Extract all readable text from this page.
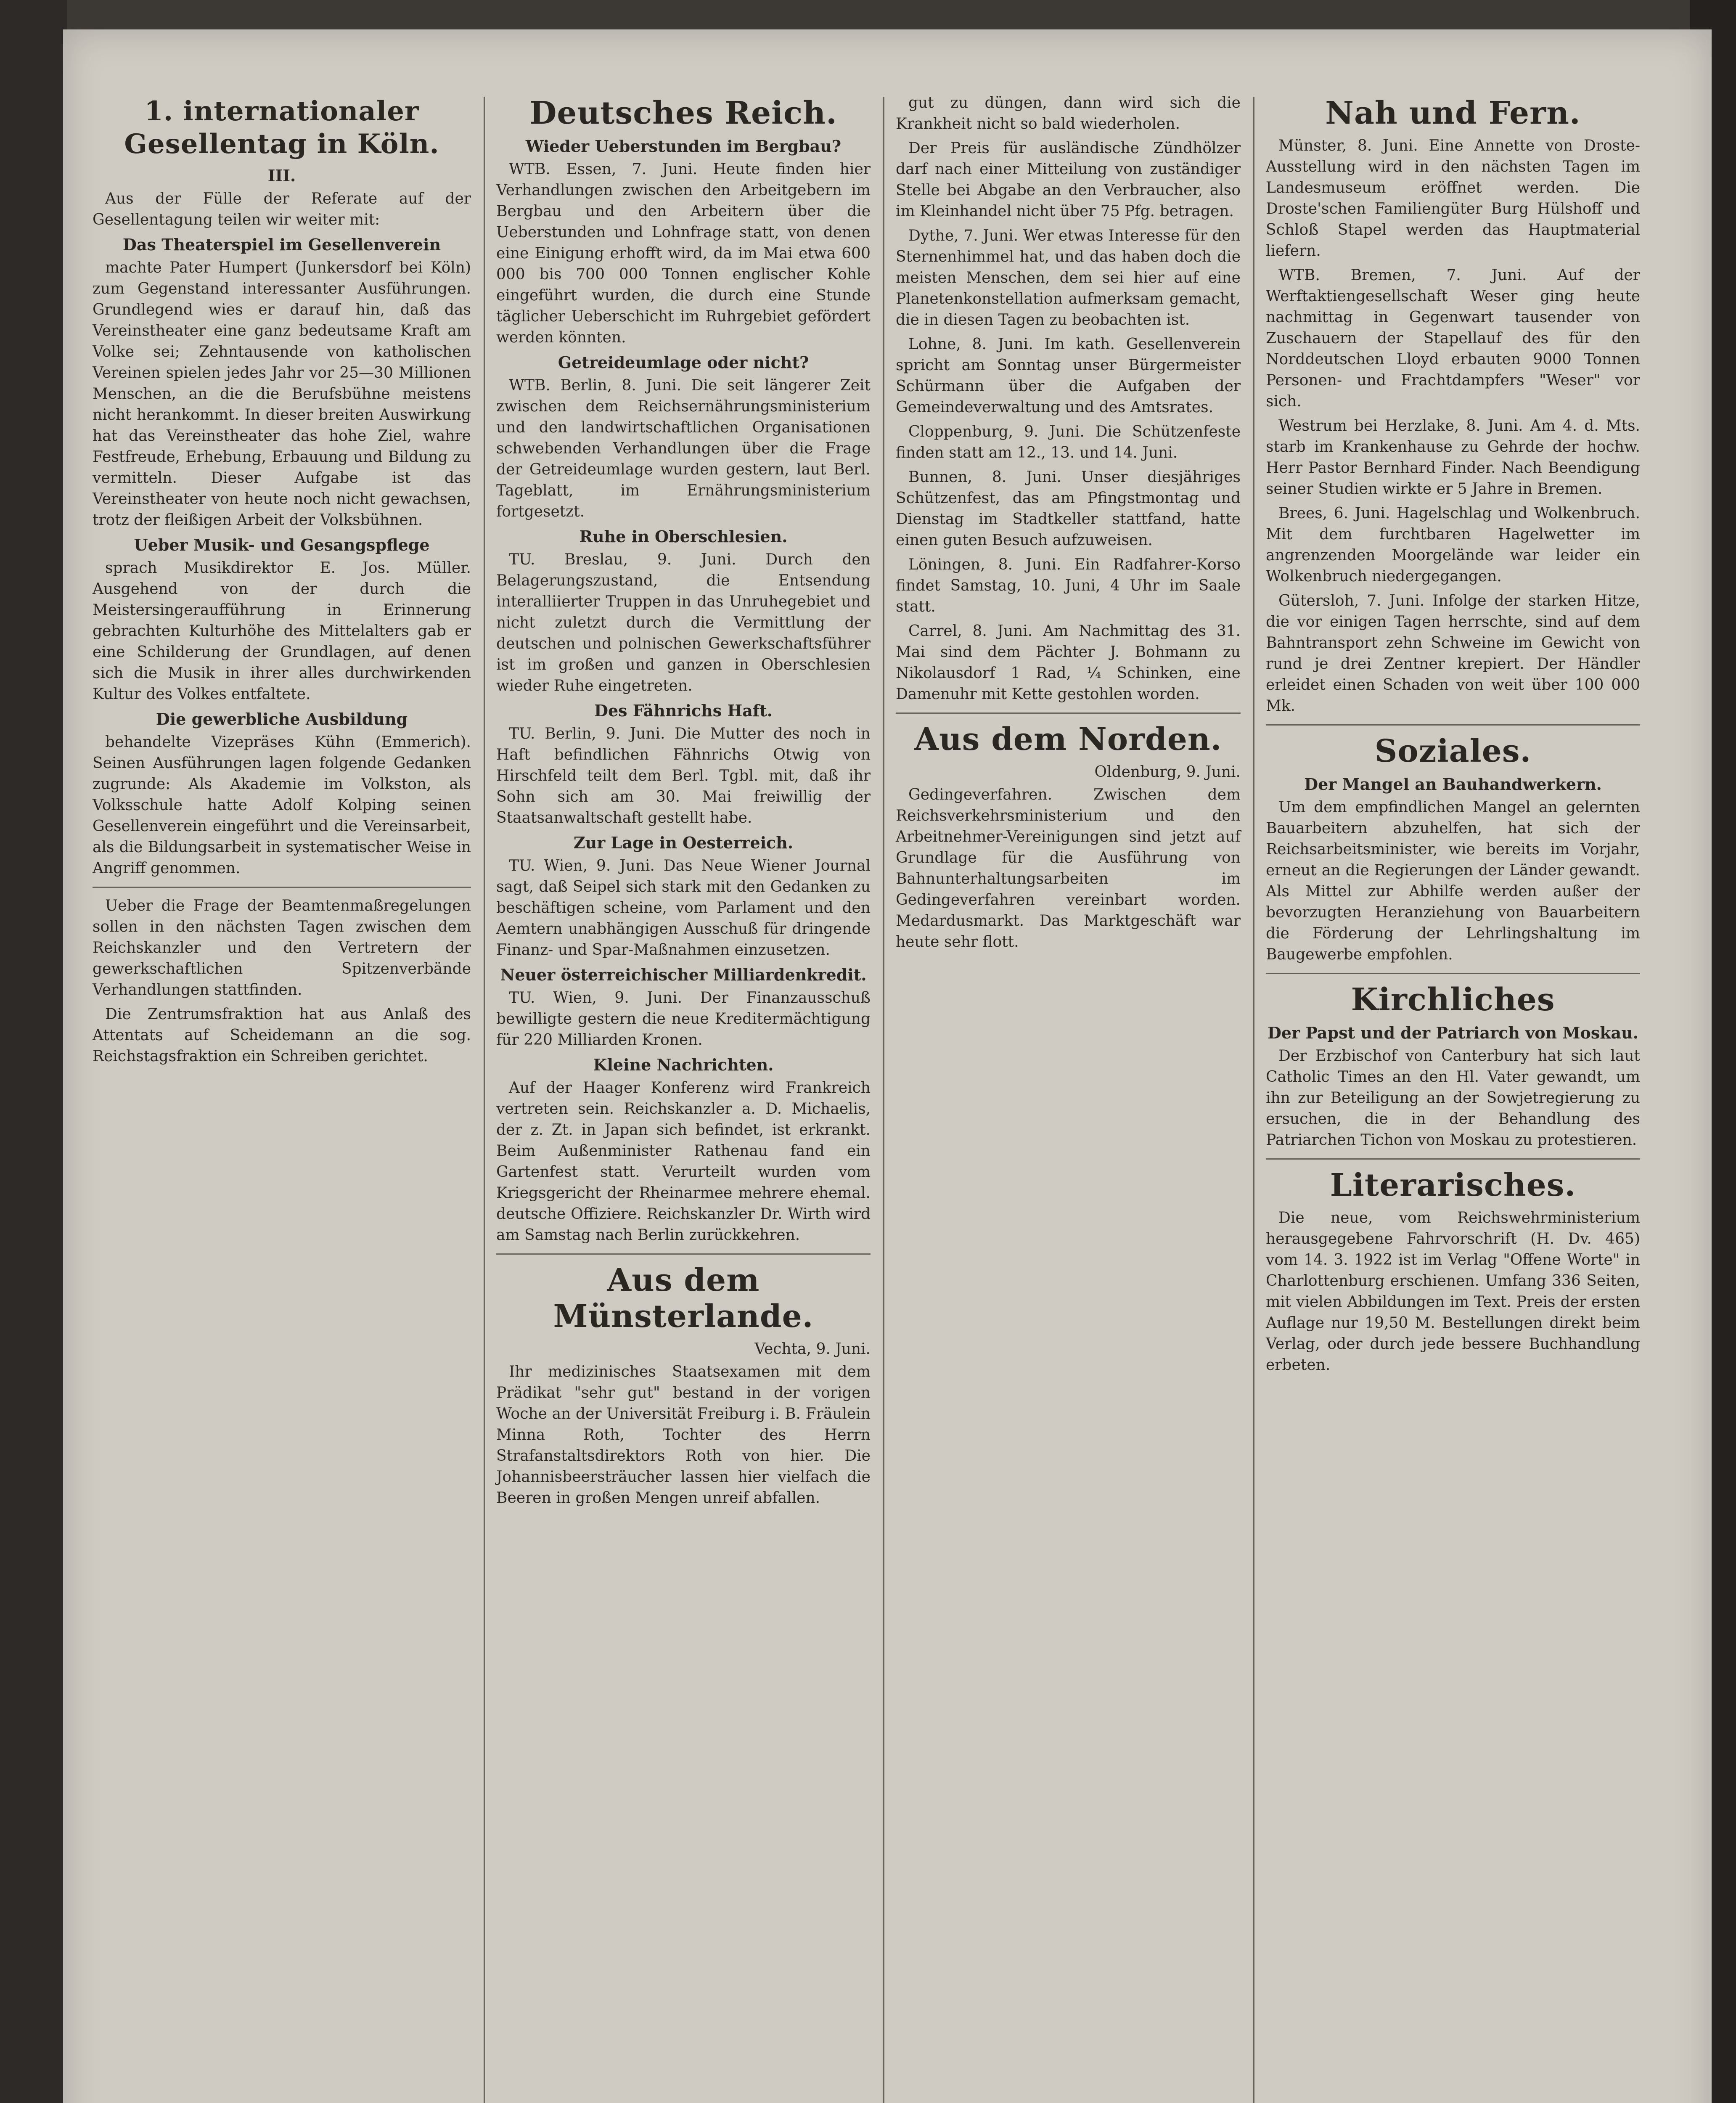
1. internationaler Gesellentag in Köln.
III.

Aus der Fülle der Referate auf der Gesellentagung teilen wir weiter mit:

Das Theaterspiel im Gesellenverein

machte Pater Humpert (Junkersdorf bei Köln) zum Gegenstand interessanter Ausführungen. Grundlegend wies er darauf hin, daß das Vereinstheater eine ganz bedeutsame Kraft am Volke sei; Zehntausende von katholischen Vereinen spielen jedes Jahr vor 25—30 Millionen Menschen, an die die Berufsbühne meistens nicht herankommt. In dieser breiten Auswirkung hat das Vereinstheater das hohe Ziel, wahre Festfreude, Erhebung, Erbauung und Bildung zu vermitteln. Dieser Aufgabe ist das Vereinstheater von heute noch nicht gewachsen, trotz der fleißigen Arbeit der Volksbühnen.

Ueber Musik- und Gesangspflege

sprach Musikdirektor E. Jos. Müller. Ausgehend von der durch die Meistersingeraufführung in Erinnerung gebrachten Kulturhöhe des Mittelalters gab er eine Schilderung der Grundlagen, auf denen sich die Musik in ihrer alles durchwirkenden Kultur des Volkes entfaltete.

Die gewerbliche Ausbildung

behandelte Vizepräses Kühn (Emmerich). Seinen Ausführungen lagen folgende Gedanken zugrunde: Als Akademie im Volkston, als Volksschule hatte Adolf Kolping seinen Gesellenverein eingeführt und die Vereinsarbeit, als die Bildungsarbeit in systematischer Weise in Angriff genommen.

Ueber die Frage der Beamtenmaßregelungen sollen in den nächsten Tagen zwischen dem Reichskanzler und den Vertretern der gewerkschaftlichen Spitzenverbände Verhandlungen stattfinden.

Die Zentrumsfraktion hat aus Anlaß des Attentats auf Scheidemann an die sog. Reichstagsfraktion ein Schreiben gerichtet.

Deutsches Reich.
Wieder Ueberstunden im Bergbau?

WTB. Essen, 7. Juni. Heute finden hier Verhandlungen zwischen den Arbeitgebern im Bergbau und den Arbeitern über die Ueberstunden und Lohnfrage statt, von denen eine Einigung erhofft wird, da im Mai etwa 600 000 bis 700 000 Tonnen englischer Kohle eingeführt wurden, die durch eine Stunde täglicher Ueberschicht im Ruhrgebiet gefördert werden könnten.

Getreideumlage oder nicht?

WTB. Berlin, 8. Juni. Die seit längerer Zeit zwischen dem Reichsernährungsministerium und den landwirtschaftlichen Organisationen schwebenden Verhandlungen über die Frage der Getreideumlage wurden gestern, laut Berl. Tageblatt, im Ernährungsministerium fortgesetzt.

Ruhe in Oberschlesien.

TU. Breslau, 9. Juni. Durch den Belagerungszustand, die Entsendung interalliierter Truppen in das Unruhegebiet und nicht zuletzt durch die Vermittlung der deutschen und polnischen Gewerkschaftsführer ist im großen und ganzen in Oberschlesien wieder Ruhe eingetreten.

Des Fähnrichs Haft.

TU. Berlin, 9. Juni. Die Mutter des noch in Haft befindlichen Fähnrichs Otwig von Hirschfeld teilt dem Berl. Tgbl. mit, daß ihr Sohn sich am 30. Mai freiwillig der Staatsanwaltschaft gestellt habe.

Zur Lage in Oesterreich.

TU. Wien, 9. Juni. Das Neue Wiener Journal sagt, daß Seipel sich stark mit den Gedanken zu beschäftigen scheine, vom Parlament und den Aemtern unabhängigen Ausschuß für dringende Finanz- und Spar-Maßnahmen einzusetzen.

Neuer österreichischer Milliardenkredit.

TU. Wien, 9. Juni. Der Finanzausschuß bewilligte gestern die neue Kreditermächtigung für 220 Milliarden Kronen.

Kleine Nachrichten.

Auf der Haager Konferenz wird Frankreich vertreten sein. Reichskanzler a. D. Michaelis, der z. Zt. in Japan sich befindet, ist erkrankt. Beim Außenminister Rathenau fand ein Gartenfest statt. Verurteilt wurden vom Kriegsgericht der Rheinarmee mehrere ehemal. deutsche Offiziere. Reichskanzler Dr. Wirth wird am Samstag nach Berlin zurückkehren.

Aus dem Münsterlande.
Vechta, 9. Juni.

Ihr medizinisches Staatsexamen mit dem Prädikat "sehr gut" bestand in der vorigen Woche an der Universität Freiburg i. B. Fräulein Minna Roth, Tochter des Herrn Strafanstaltsdirektors Roth von hier. Die Johannisbeersträucher lassen hier vielfach die Beeren in großen Mengen unreif abfallen.

gut zu düngen, dann wird sich die Krankheit nicht so bald wiederholen.

Der Preis für ausländische Zündhölzer darf nach einer Mitteilung von zuständiger Stelle bei Abgabe an den Verbraucher, also im Kleinhandel nicht über 75 Pfg. betragen.

Dythe, 7. Juni. Wer etwas Interesse für den Sternenhimmel hat, und das haben doch die meisten Menschen, dem sei hier auf eine Planetenkonstellation aufmerksam gemacht, die in diesen Tagen zu beobachten ist.

Lohne, 8. Juni. Im kath. Gesellenverein spricht am Sonntag unser Bürgermeister Schürmann über die Aufgaben der Gemeindeverwaltung und des Amtsrates.

Cloppenburg, 9. Juni. Die Schützenfeste finden statt am 12., 13. und 14. Juni.

Bunnen, 8. Juni. Unser diesjähriges Schützenfest, das am Pfingstmontag und Dienstag im Stadtkeller stattfand, hatte einen guten Besuch aufzuweisen.

Löningen, 8. Juni. Ein Radfahrer-Korso findet Samstag, 10. Juni, 4 Uhr im Saale statt.

Carrel, 8. Juni. Am Nachmittag des 31. Mai sind dem Pächter J. Bohmann zu Nikolausdorf 1 Rad, ¼ Schinken, eine Damenuhr mit Kette gestohlen worden.

Aus dem Norden.
Oldenburg, 9. Juni.

Gedingeverfahren. Zwischen dem Reichsverkehrsministerium und den Arbeitnehmer-Vereinigungen sind jetzt auf Grundlage für die Ausführung von Bahnunterhaltungsarbeiten im Gedingeverfahren vereinbart worden. Medardusmarkt. Das Marktgeschäft war heute sehr flott.

Nah und Fern.

Münster, 8. Juni. Eine Annette von Droste-Ausstellung wird in den nächsten Tagen im Landesmuseum eröffnet werden. Die Droste'schen Familiengüter Burg Hülshoff und Schloß Stapel werden das Hauptmaterial liefern.

WTB. Bremen, 7. Juni. Auf der Werftaktiengesellschaft Weser ging heute nachmittag in Gegenwart tausender von Zuschauern der Stapellauf des für den Norddeutschen Lloyd erbauten 9000 Tonnen Personen- und Frachtdampfers "Weser" vor sich.

Westrum bei Herzlake, 8. Juni. Am 4. d. Mts. starb im Krankenhause zu Gehrde der hochw. Herr Pastor Bernhard Finder. Nach Beendigung seiner Studien wirkte er 5 Jahre in Bremen.

Brees, 6. Juni. Hagelschlag und Wolkenbruch. Mit dem furchtbaren Hagelwetter im angrenzenden Moorgelände war leider ein Wolkenbruch niedergegangen.

Gütersloh, 7. Juni. Infolge der starken Hitze, die vor einigen Tagen herrschte, sind auf dem Bahntransport zehn Schweine im Gewicht von rund je drei Zentner krepiert. Der Händler erleidet einen Schaden von weit über 100 000 Mk.

Soziales.
Der Mangel an Bauhandwerkern.

Um dem empfindlichen Mangel an gelernten Bauarbeitern abzuhelfen, hat sich der Reichsarbeitsminister, wie bereits im Vorjahr, erneut an die Regierungen der Länder gewandt. Als Mittel zur Abhilfe werden außer der bevorzugten Heranziehung von Bauarbeitern die Förderung der Lehrlingshaltung im Baugewerbe empfohlen.

Kirchliches
Der Papst und der Patriarch von Moskau.

Der Erzbischof von Canterbury hat sich laut Catholic Times an den Hl. Vater gewandt, um ihn zur Beteiligung an der Sowjetregierung zu ersuchen, die in der Behandlung des Patriarchen Tichon von Moskau zu protestieren.

Literarisches.

Die neue, vom Reichswehrministerium herausgegebene Fahrvorschrift (H. Dv. 465) vom 14. 3. 1922 ist im Verlag "Offene Worte" in Charlottenburg erschienen. Umfang 336 Seiten, mit vielen Abbildungen im Text. Preis der ersten Auflage nur 19,50 M. Bestellungen direkt beim Verlag, oder durch jede bessere Buchhandlung erbeten.
